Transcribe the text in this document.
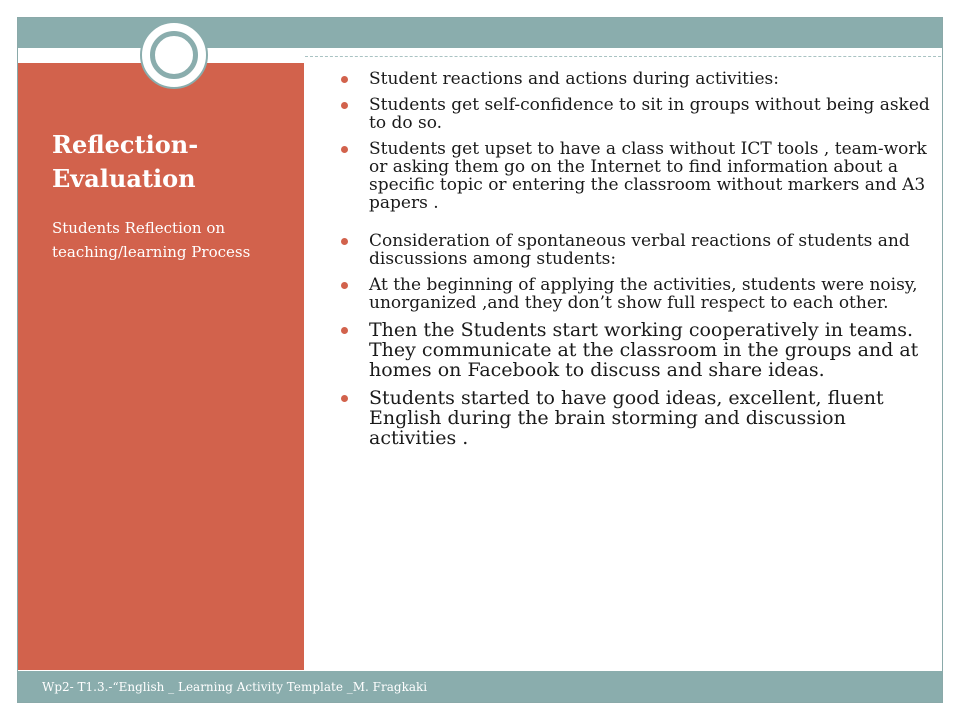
Reflection-
Evaluation

Students Reflection on teaching/learning Process

Student reactions and actions during activities:
Students get self-confidence to sit in groups without being asked to do so.
Students get upset to have a class without ICT tools , team-work or asking them go on the Internet to find information about a specific topic or entering the classroom without markers and A3 papers .
Consideration of spontaneous verbal reactions of students and discussions among students:
At the beginning of applying the activities, students were noisy, unorganized ,and they don’t show full respect to each other.
Then the Students start working cooperatively in teams. They communicate at the classroom in the groups and at homes on Facebook to discuss and share ideas.
Students started to have good ideas, excellent, fluent English during the brain storming and discussion activities .

Wp2- T1.3.-“English _ Learning Activity Template _M. Fragkaki
